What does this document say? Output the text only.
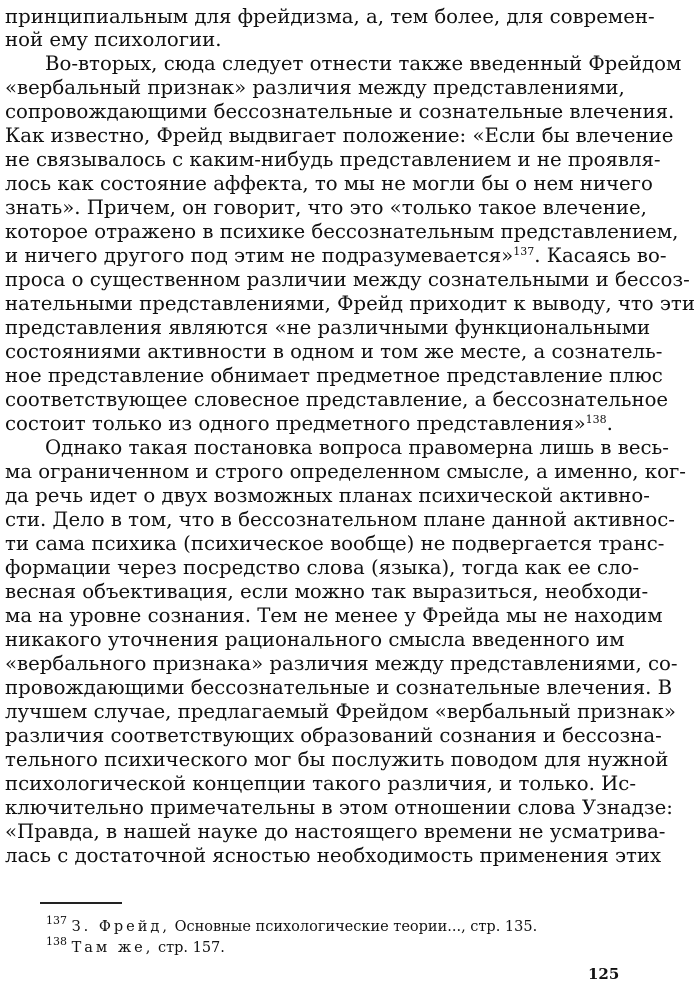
принципиальным для фрейдизма, а, тем более, для современ-
ной ему психологии.
Во-вторых, сюда следует отнести также введенный Фрейдом
«вербальный признак» различия между представлениями,
сопровождающими бессознательные и сознательные влечения.
Как известно, Фрейд выдвигает положение: «Если бы влечение
не связывалось с каким-нибудь представлением и не проявля-
лось как состояние аффекта, то мы не могли бы о нем ничего
знать». Причем, он говорит, что это «только такое влечение,
которое отражено в психике бессознательным представлением,
и ничего другого под этим не подразумевается»$^{137}$. Касаясь во-
проса о существенном различии между сознательными и бессоз-
нательными представлениями, Фрейд приходит к выводу, что эти
представления являются «не различными функциональными
состояниями активности в одном и том же месте, а сознатель-
ное представление обнимает предметное представление плюс
соответствующее словесное представление, а бессознательное
состоит только из одного предметного представления»$^{138}$.
Однако такая постановка вопроса правомерна лишь в весь-
ма ограниченном и строго определенном смысле, а именно, ког-
да речь идет о двух возможных планах психической активно-
сти. Дело в том, что в бессознательном плане данной активнос-
ти сама психика (психическое вообще) не подвергается транс-
формации через посредство слова (языка), тогда как ее сло-
весная объективация, если можно так выразиться, необходи-
ма на уровне сознания. Тем не менее у Фрейда мы не находим
никакого уточнения рационального смысла введенного им
«вербального признака» различия между представлениями, со-
провождающими бессознательные и сознательные влечения. В
лучшем случае, предлагаемый Фрейдом «вербальный признак»
различия соответствующих образований сознания и бессозна-
тельного психического мог бы послужить поводом для нужной
психологической концепции такого различия, и только. Ис-
ключительно примечательны в этом отношении слова Узнадзе:
«Правда, в нашей науке до настоящего времени не усматрива-
лась с достаточной ясностью необходимость применения этих
$^{137}$ З. Фрейд, Основные психологические теории..., стр. 135.
$^{138}$ Там же, стр. 157.
125
